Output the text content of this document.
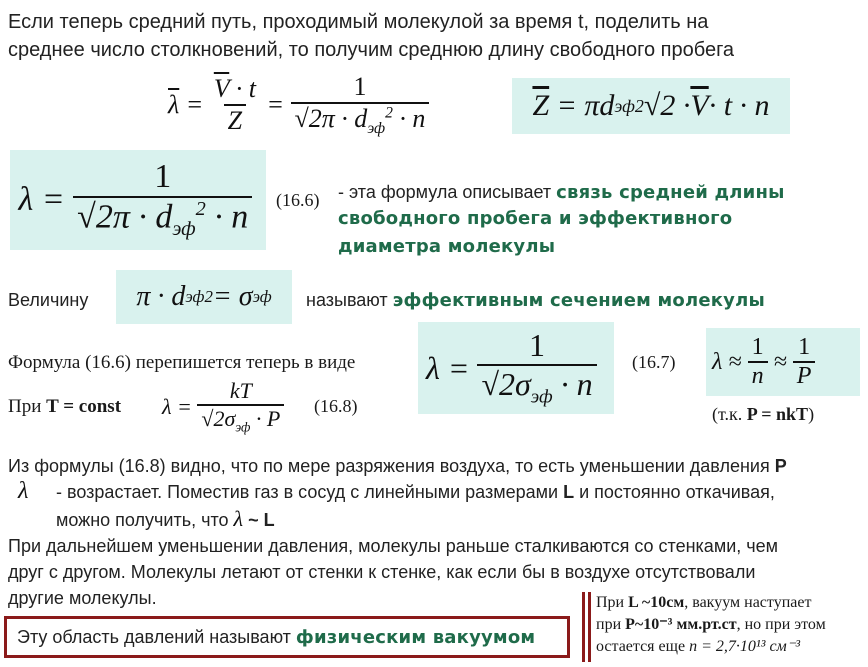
Если теперь средний путь, проходимый молекулой за время t, поделить на
среднее число столкновений, то получим среднюю длину свободного пробега
$\overline{\lambda} = \frac{\overline{V} \cdot t}{Z} = \frac{1}{√2\pi \cdot d_{эф}^2 \cdot n}$	$\overline{Z} = \pi d$ эф 2 $√2 \cdot \overline{V} \cdot t \cdot n$
$\lambda = \frac{1}{√2\pi \cdot d_{эф}^2 \cdot n} (16.6)$ - эта формула описывает связь средней длины
свободного пробега и эффективного
диаметра молекулы
Величину	π · d эф 2 = σ эф называют эффективным сечением молекулы
Формула (16.6) перепишется теперь в виде $\lambda = \frac{1}{√2\sigma_{эф} \cdot n} (16.7) \lambda \approx \frac{1}{n} \approx \frac{1}{P}$
(т.к. P = nkT)
При T = const $\lambda = \frac{kT}{√2\sigma_{эф} \cdot P} (16.8)$
Из формулы (16.8) видно, что по мере разряжения воздуха, то есть уменьшении давления P
λ - возрастает. Поместив газ в сосуд с линейными размерами L и постоянно откачивая,
можно получить, что λ ~ L
При дальнейшем уменьшении давления, молекулы раньше сталкиваются со стенками, чем
друг с другом. Молекулы летают от стенки к стенке, как если бы в воздухе отсутствовали
другие молекулы.
Эту область давлений называют физическим вакуумом
При L ~10см, вакуум наступает
при P~10⁻³ мм.рт.ст, но при этом
остается еще n = 2,7·10¹³ см⁻³
